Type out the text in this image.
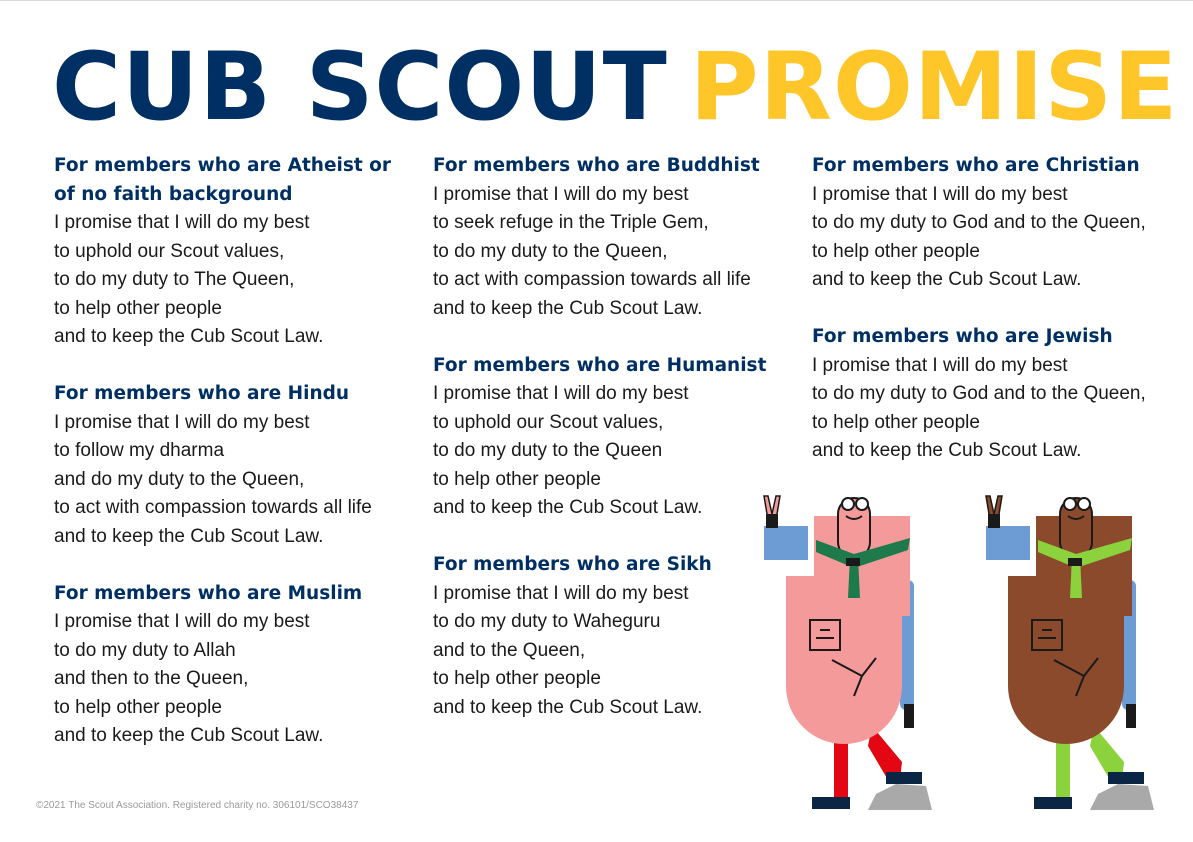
CUB SCOUT PROMISE
For members who are Atheist or of no faith background
I promise that I will do my best
to uphold our Scout values,
to do my duty to The Queen,
to help other people
and to keep the Cub Scout Law.
For members who are Hindu
I promise that I will do my best
to follow my dharma
and do my duty to the Queen,
to act with compassion towards all life
and to keep the Cub Scout Law.
For members who are Muslim
I promise that I will do my best
to do my duty to Allah
and then to the Queen,
to help other people
and to keep the Cub Scout Law.
For members who are Buddhist
I promise that I will do my best
to seek refuge in the Triple Gem,
to do my duty to the Queen,
to act with compassion towards all life
and to keep the Cub Scout Law.
For members who are Humanist
I promise that I will do my best
to uphold our Scout values,
to do my duty to the Queen
to help other people
and to keep the Cub Scout Law.
For members who are Sikh
I promise that I will do my best
to do my duty to Waheguru
and to the Queen,
to help other people
and to keep the Cub Scout Law.
For members who are Christian
I promise that I will do my best
to do my duty to God and to the Queen,
to help other people
and to keep the Cub Scout Law.
For members who are Jewish
I promise that I will do my best
to do my duty to God and to the Queen,
to help other people
and to keep the Cub Scout Law.
©2021 The Scout Association. Registered charity no. 306101/SCO38437
